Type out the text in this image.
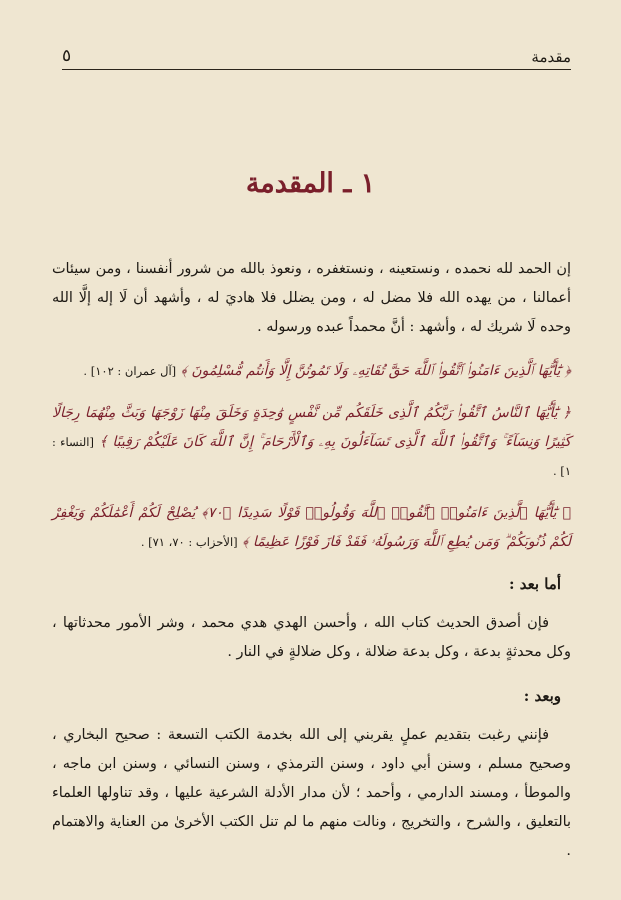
مقدمة
٥
١ ـ المقدمة

إن الحمد لله نحمده ، ونستعينه ، ونستغفره ، ونعوذ بالله من شرور أنفسنا ، ومن سيئات أعمالنا ، من يهده الله فلا مضل له ، ومن يضلل فلا هاديَ له ، وأشهد أن لَا إله إلَّا الله وحده لَا شريك له ، وأشهد : أنَّ محمداً عبده ورسوله .

﴿ يَٰٓأَيُّهَا ٱلَّذِينَ ءَامَنُوا۟ ٱتَّقُوا۟ ٱللَّهَ حَقَّ تُقَاتِهِۦ وَلَا تَمُوتُنَّ إِلَّا وَأَنتُم مُّسْلِمُونَ ﴾ [آل عمران : ١٠٢] .

﴿ يَٰٓأَيُّهَا ٱلنَّاسُ ٱتَّقُوا۟ رَبَّكُمُ ٱلَّذِى خَلَقَكُم مِّن نَّفْسٍ وَٰحِدَةٍ وَخَلَقَ مِنْهَا زَوْجَهَا وَبَثَّ مِنْهُمَا رِجَالًا كَثِيرًا وَنِسَآءً ۚ وَٱتَّقُوا۟ ٱللَّهَ ٱلَّذِى تَسَآءَلُونَ بِهِۦ وَٱلْأَرْحَامَ ۚ إِنَّ ٱللَّهَ كَانَ عَلَيْكُمْ رَقِيبًا ﴾ [النساء : ١] .

﴿ يَٰٓأَيُّهَا ٱلَّذِينَ ءَامَنُوا۟ ٱتَّقُوا۟ ٱللَّهَ وَقُولُوا۟ قَوْلًا سَدِيدًا ﴿٧٠﴾ يُصْلِحْ لَكُمْ أَعْمَٰلَكُمْ وَيَغْفِرْ لَكُمْ ذُنُوبَكُمْ ۗ وَمَن يُطِعِ ٱللَّهَ وَرَسُولَهُۥ فَقَدْ فَازَ فَوْزًا عَظِيمًا ﴾ [الأحزاب : ٧٠، ٧١] .

أما بعد :

فإن أصدق الحديث كتاب الله ، وأحسن الهدي هدي محمد ، وشر الأمور محدثاتها ، وكل محدثةٍ بدعة ، وكل بدعة ضلالة ، وكل ضلالةٍ في النار .

وبعد :

فإنني رغبت بتقديم عملٍ يقربني إلى الله بخدمة الكتب التسعة : صحيح البخاري ، وصحيح مسلم ، وسنن أبي داود ، وسنن الترمذي ، وسنن النسائي ، وسنن ابن ماجه ، والموطأ ، ومسند الدارمي ، وأحمد ؛ لأن مدار الأدلة الشرعية عليها ، وقد تناولها العلماء بالتعليق ، والشرح ، والتخريج ، ونالت منهم ما لم تنل الكتب الأخرىٰ من العناية والاهتمام .
